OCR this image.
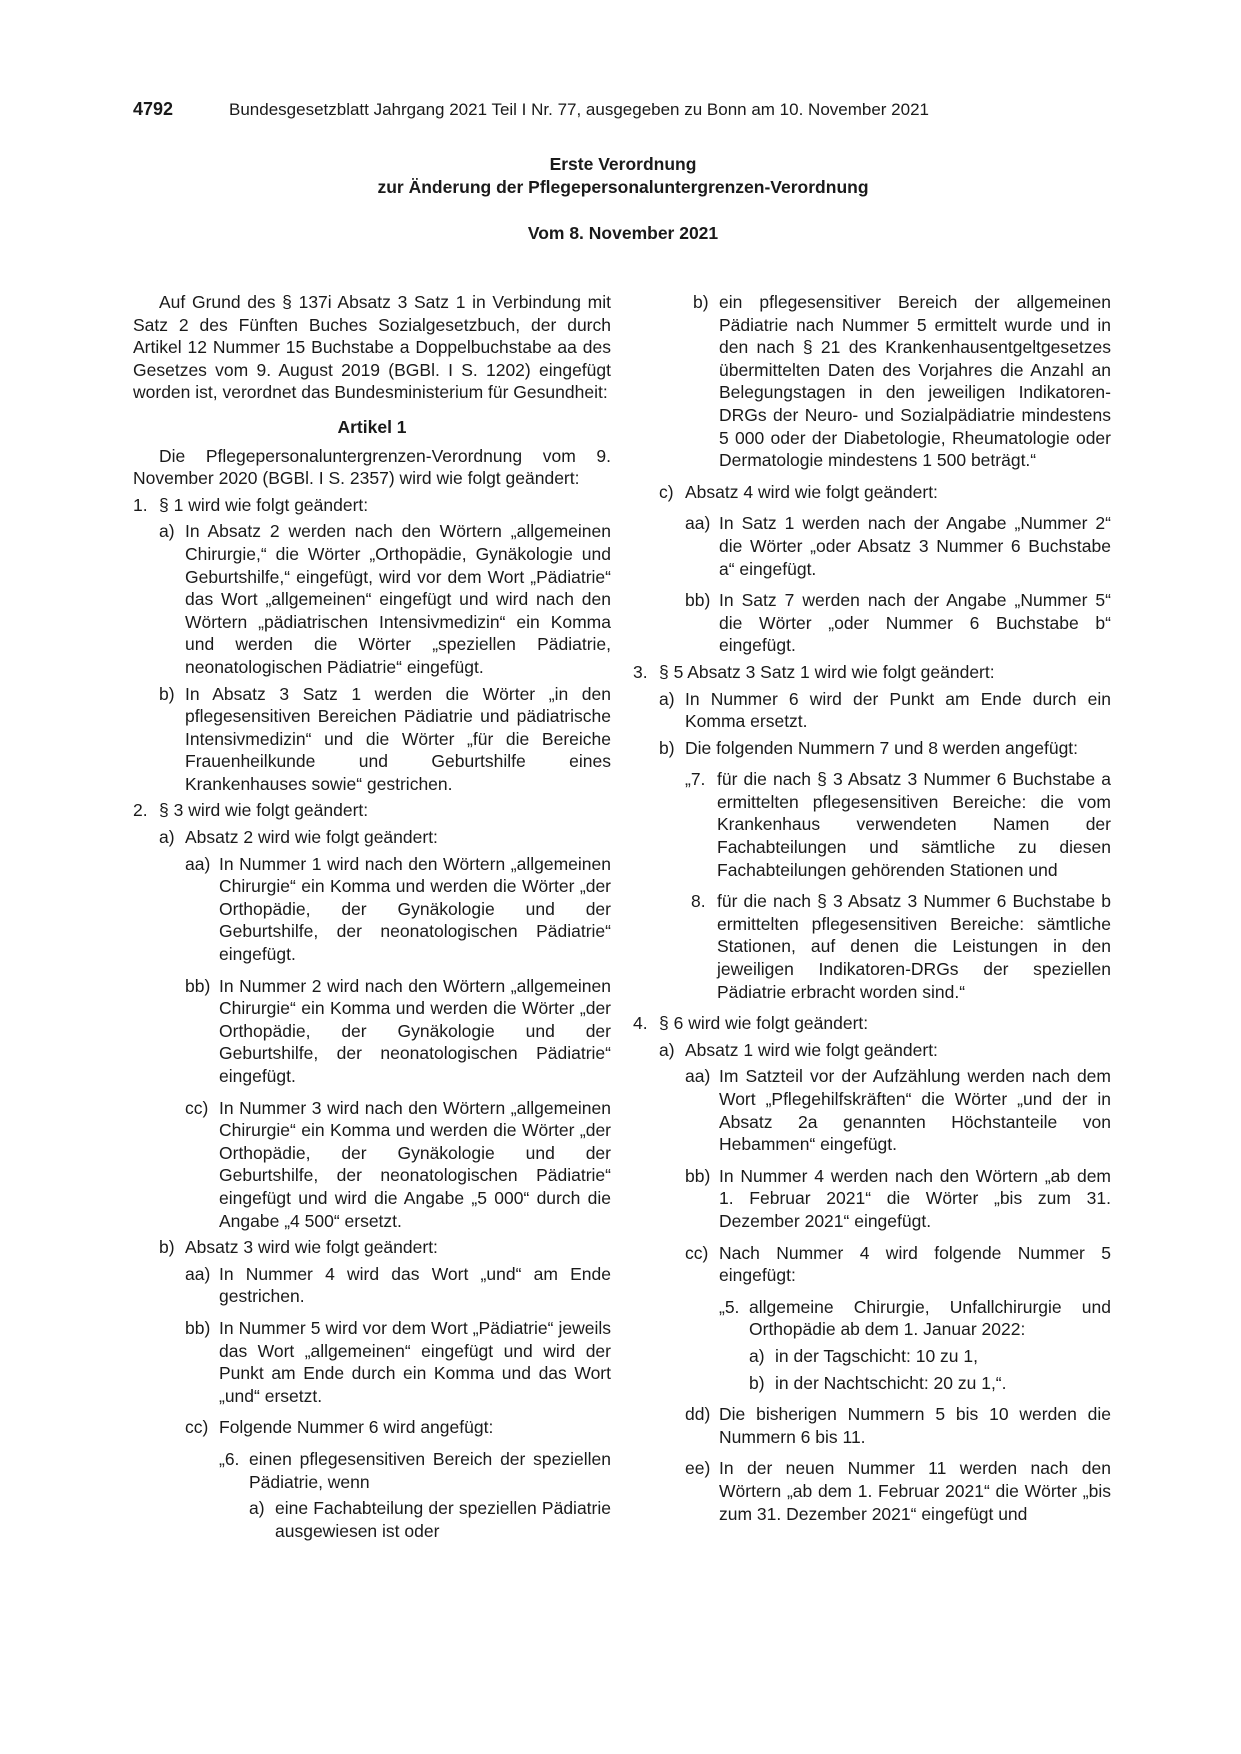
4792	Bundesgesetzblatt Jahrgang 2021 Teil I Nr. 77, ausgegeben zu Bonn am 10. November 2021
Erste Verordnung
zur Änderung der Pflegepersonaluntergrenzen-Verordnung
Vom 8. November 2021
Auf Grund des § 137i Absatz 3 Satz 1 in Verbindung mit Satz 2 des Fünften Buches Sozialgesetzbuch, der durch Artikel 12 Nummer 15 Buchstabe a Doppelbuchstabe aa des Gesetzes vom 9. August 2019 (BGBl. I S. 1202) eingefügt worden ist, verordnet das Bundesministerium für Gesundheit:
Artikel 1
Die Pflegepersonaluntergrenzen-Verordnung vom 9. November 2020 (BGBl. I S. 2357) wird wie folgt geändert:
1. § 1 wird wie folgt geändert:
a) In Absatz 2 werden nach den Wörtern „allgemeinen Chirurgie,“ die Wörter „Orthopädie, Gynäkologie und Geburtshilfe,“ eingefügt, wird vor dem Wort „Pädiatrie“ das Wort „allgemeinen“ eingefügt und wird nach den Wörtern „pädiatrischen Intensivmedizin“ ein Komma und werden die Wörter „speziellen Pädiatrie, neonatologischen Pädiatrie“ eingefügt.
b) In Absatz 3 Satz 1 werden die Wörter „in den pflegesensitiven Bereichen Pädiatrie und pädiatrische Intensivmedizin“ und die Wörter „für die Bereiche Frauenheilkunde und Geburtshilfe eines Krankenhauses sowie“ gestrichen.
2. § 3 wird wie folgt geändert:
a) Absatz 2 wird wie folgt geändert:
aa) In Nummer 1 wird nach den Wörtern „allgemeinen Chirurgie“ ein Komma und werden die Wörter „der Orthopädie, der Gynäkologie und der Geburtshilfe, der neonatologischen Pädiatrie“ eingefügt.
bb) In Nummer 2 wird nach den Wörtern „allgemeinen Chirurgie“ ein Komma und werden die Wörter „der Orthopädie, der Gynäkologie und der Geburtshilfe, der neonatologischen Pädiatrie“ eingefügt.
cc) In Nummer 3 wird nach den Wörtern „allgemeinen Chirurgie“ ein Komma und werden die Wörter „der Orthopädie, der Gynäkologie und der Geburtshilfe, der neonatologischen Pädiatrie“ eingefügt und wird die Angabe „5 000“ durch die Angabe „4 500“ ersetzt.
b) Absatz 3 wird wie folgt geändert:
aa) In Nummer 4 wird das Wort „und“ am Ende gestrichen.
bb) In Nummer 5 wird vor dem Wort „Pädiatrie“ jeweils das Wort „allgemeinen“ eingefügt und wird der Punkt am Ende durch ein Komma und das Wort „und“ ersetzt.
cc) Folgende Nummer 6 wird angefügt:
„6. einen pflegesensitiven Bereich der speziellen Pädiatrie, wenn
a) eine Fachabteilung der speziellen Pädiatrie ausgewiesen ist oder
b) ein pflegesensitiver Bereich der allgemeinen Pädiatrie nach Nummer 5 ermittelt wurde und in den nach § 21 des Krankenhausentgeltgesetzes übermittelten Daten des Vorjahres die Anzahl an Belegungstagen in den jeweiligen Indikatoren-DRGs der Neuro- und Sozialpädiatrie mindestens 5 000 oder der Diabetologie, Rheumatologie oder Dermatologie mindestens 1 500 beträgt.“
c) Absatz 4 wird wie folgt geändert:
aa) In Satz 1 werden nach der Angabe „Nummer 2“ die Wörter „oder Absatz 3 Nummer 6 Buchstabe a“ eingefügt.
bb) In Satz 7 werden nach der Angabe „Nummer 5“ die Wörter „oder Nummer 6 Buchstabe b“ eingefügt.
3. § 5 Absatz 3 Satz 1 wird wie folgt geändert:
a) In Nummer 6 wird der Punkt am Ende durch ein Komma ersetzt.
b) Die folgenden Nummern 7 und 8 werden angefügt:
„7. für die nach § 3 Absatz 3 Nummer 6 Buchstabe a ermittelten pflegesensitiven Bereiche: die vom Krankenhaus verwendeten Namen der Fachabteilungen und sämtliche zu diesen Fachabteilungen gehörenden Stationen und
8. für die nach § 3 Absatz 3 Nummer 6 Buchstabe b ermittelten pflegesensitiven Bereiche: sämtliche Stationen, auf denen die Leistungen in den jeweiligen Indikatoren-DRGs der speziellen Pädiatrie erbracht worden sind.“
4. § 6 wird wie folgt geändert:
a) Absatz 1 wird wie folgt geändert:
aa) Im Satzteil vor der Aufzählung werden nach dem Wort „Pflegehilfskräften“ die Wörter „und der in Absatz 2a genannten Höchstanteile von Hebammen“ eingefügt.
bb) In Nummer 4 werden nach den Wörtern „ab dem 1. Februar 2021“ die Wörter „bis zum 31. Dezember 2021“ eingefügt.
cc) Nach Nummer 4 wird folgende Nummer 5 eingefügt:
„5. allgemeine Chirurgie, Unfallchirurgie und Orthopädie ab dem 1. Januar 2022:
a) in der Tagschicht: 10 zu 1,
b) in der Nachtschicht: 20 zu 1,“.
dd) Die bisherigen Nummern 5 bis 10 werden die Nummern 6 bis 11.
ee) In der neuen Nummer 11 werden nach den Wörtern „ab dem 1. Februar 2021“ die Wörter „bis zum 31. Dezember 2021“ eingefügt und
